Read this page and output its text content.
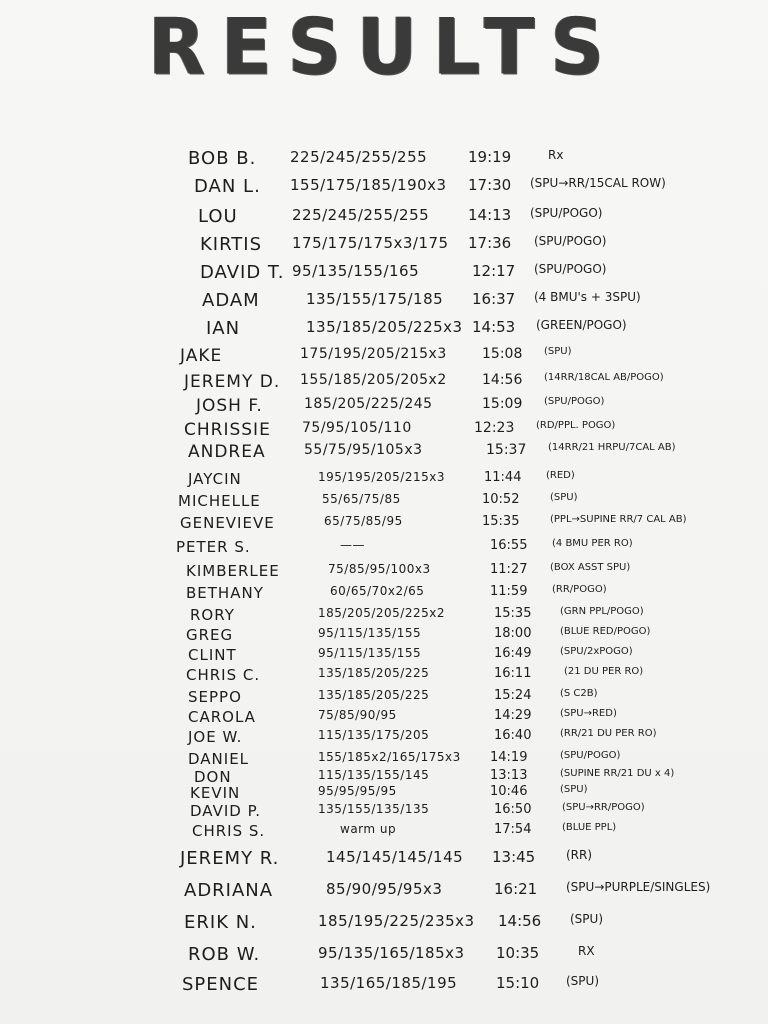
RESULTS
BOB B. 225/245/255/255	19:19	Rx
DAN L. 155/175/185/190x3 17:30 (SPU→RR/15CAL ROW)
LOU	225/245/255/255	14:13 (SPU/POGO)
KIRTIS 175/175/175x3/175 17:36 (SPU/POGO)
DAVID T. 95/135/155/165	12:17 (SPU/POGO)
ADAM	135/155/175/185 16:37 (4 BMU's + 3SPU)
IAN	135/185/205/225x3 14:53 (GREEN/POGO)
JAKE	175/195/205/215x3	15:08 (SPU)
JEREMY D. 155/185/205/205x2	14:56 (14RR/18CAL AB/POGO)
JOSH F.	185/205/225/245	15:09 (SPU/POGO)
CHRISSIE 75/95/105/110	12:23 (RD/PPL. POGO)
ANDREA	55/75/95/105x3	15:37 (14RR/21 HRPU/7CAL AB)
JAYCIN	195/195/205/215x3	11:44 (RED)
MICHELLE	55/65/75/85	10:52	(SPU)
GENEVIEVE	65/75/85/95	15:35	(PPL→SUPINE RR/7 CAL AB)
PETER S.	——	16:55 (4 BMU PER RO)
KIMBERLEE	75/85/95/100x3	11:27 (BOX ASST SPU)
BETHANY	60/65/70x2/65	11:59 (RR/POGO)
RORY	185/205/205/225x2	15:35	(GRN PPL/POGO)
GREG	95/115/135/155	18:00	(BLUE RED/POGO)
CLINT	95/115/135/155	16:49	(SPU/2xPOGO)
CHRIS C.	135/185/205/225	16:11	(21 DU PER RO)
SEPPO	135/185/205/225	15:24	(S C2B)
CAROLA	75/85/90/95	14:29	(SPU→RED)
JOE W.	115/135/175/205	16:40	(RR/21 DU PER RO)
DANIEL	155/185x2/165/175x3 14:19	(SPU/POGO)
DON	115/135/155/145	13:13	(SUPINE RR/21 DU x 4)
KEVIN	95/95/95/95	10:46	(SPU)
DAVID P.	135/155/135/135	16:50	(SPU→RR/POGO)
CHRIS S.	warm up	17:54	(BLUE PPL)
JEREMY R.	145/145/145/145 13:45	(RR)
ADRIANA	85/90/95/95x3	16:21 (SPU→PURPLE/SINGLES)
ERIK N.	185/195/225/235x3 14:56 (SPU)
ROB W.	95/135/165/185x3 10:35	RX
SPENCE	135/165/185/195	15:10 (SPU)
